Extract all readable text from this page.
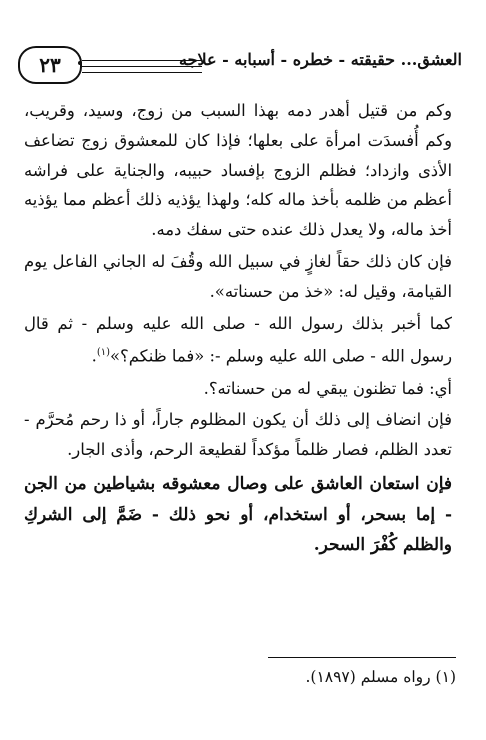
٢٣	العشق... حقيقته - خطره - أسبابه - علاجه

وكم من قتيل أهدر دمه بهذا السبب من زوج، وسيد، وقريب، وكم أُفسدَت امرأة على بعلها؛ فإذا كان للمعشوق زوج تضاعف الأذى وازداد؛ فظلم الزوج بإفساد حبيبه، والجناية على فراشه أعظم من ظلمه بأخذ ماله كله؛ ولهذا يؤذيه ذلك أعظم مما يؤذيه أخذ ماله، ولا يعدل ذلك عنده حتى سفك دمه.

فإن كان ذلك حقاً لغازٍ في سبيل الله وقُفَ له الجاني الفاعل يوم القيامة، وقيل له: «خذ من حسناته».

كما أخبر بذلك رسول الله - صلى الله عليه وسلم - ثم قال رسول الله - صلى الله عليه وسلم -: «فما ظنكم؟»$^{(١)}$.

أي: فما تظنون يبقي له من حسناته؟.

فإن انضاف إلى ذلك أن يكون المظلوم جاراً، أو ذا رحم مُحرَّم - تعدد الظلم، فصار ظلماً مؤكداً لقطيعة الرحم، وأذى الجار.

فإن استعان العاشق على وصال معشوقه بشياطين من الجن - إما بسحر، أو استخدام، أو نحو ذلك - ضَمَّ إلى الشركِ والظلم كُفْرَ السحر.

(١) رواه مسلم (١٨٩٧).
